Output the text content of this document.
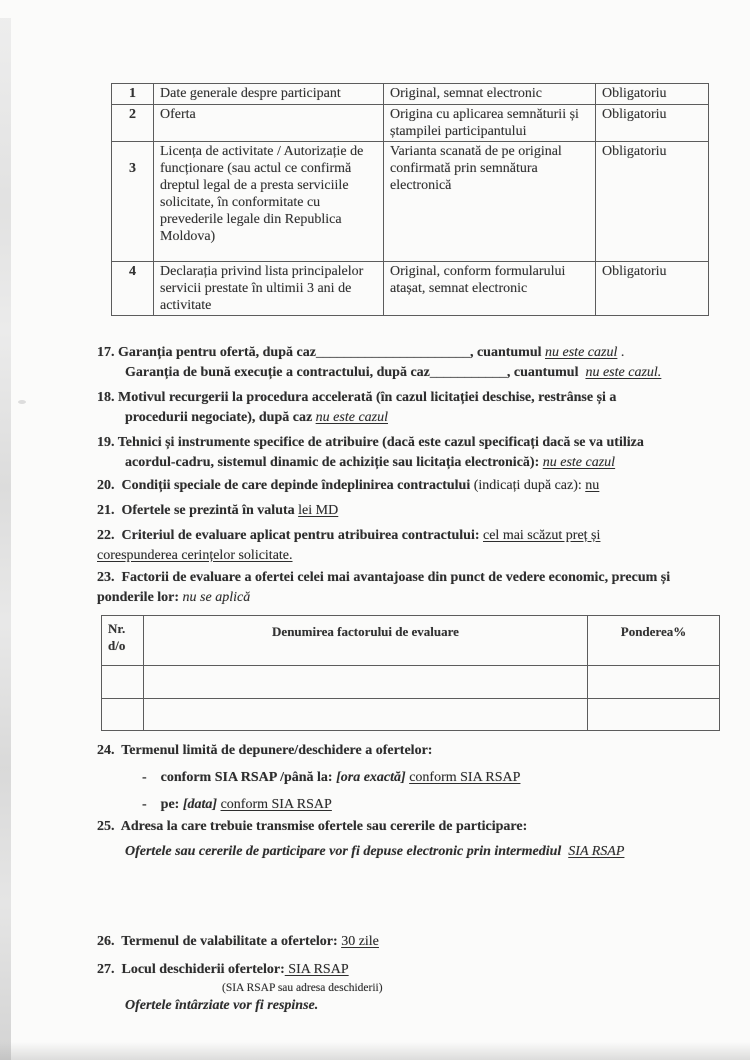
1	Date generale despre participant	Original, semnat electronic	Obligatoriu
2	Oferta	Origina cu aplicarea semnăturii și ștampilei participantului	Obligatoriu
3	Licența de activitate / Autorizație de funcționare (sau actul ce confirmă dreptul legal de a presta serviciile solicitate, în conformitate cu prevederile legale din Republica Moldova)	Varianta scanată de pe original confirmată prin semnătura electronică	Obligatoriu
4	Declarația privind lista principalelor servicii prestate în ultimii 3 ani de activitate	Original, conform formularului atașat, semnat electronic	Obligatoriu
17. Garanția pentru ofertă, după caz______________________, cuantumul nu este cazul .
Garanția de bună execuție a contractului, după caz___________, cuantumul  nu este cazul.
18. Motivul recurgerii la procedura accelerată (în cazul licitației deschise, restrânse și a
procedurii negociate), după caz nu este cazul
19. Tehnici și instrumente specifice de atribuire (dacă este cazul specificați dacă se va utiliza
acordul-cadru, sistemul dinamic de achiziție sau licitația electronică): nu este cazul
20.  Condiții speciale de care depinde îndeplinirea contractului (indicați după caz): nu
21.  Ofertele se prezintă în valuta lei MD
22.  Criteriul de evaluare aplicat pentru atribuirea contractului: cel mai scăzut preț și
corespunderea cerințelor solicitate.
23.  Factorii de evaluare a ofertei celei mai avantajoase din punct de vedere economic, precum și
ponderile lor: nu se aplică
Nr. d/o	Denumirea factorului de evaluare	Ponderea%

24.  Termenul limită de depunere/deschidere a ofertelor:
-    conform SIA RSAP /până la: [ora exactă] conform SIA RSAP
-    pe: [data] conform SIA RSAP
25.  Adresa la care trebuie transmise ofertele sau cererile de participare:
Ofertele sau cererile de participare vor fi depuse electronic prin intermediul  SIA RSAP
26.  Termenul de valabilitate a ofertelor: 30 zile
27.  Locul deschiderii ofertelor: SIA RSAP
(SIA RSAP sau adresa deschiderii)
Ofertele întârziate vor fi respinse.
